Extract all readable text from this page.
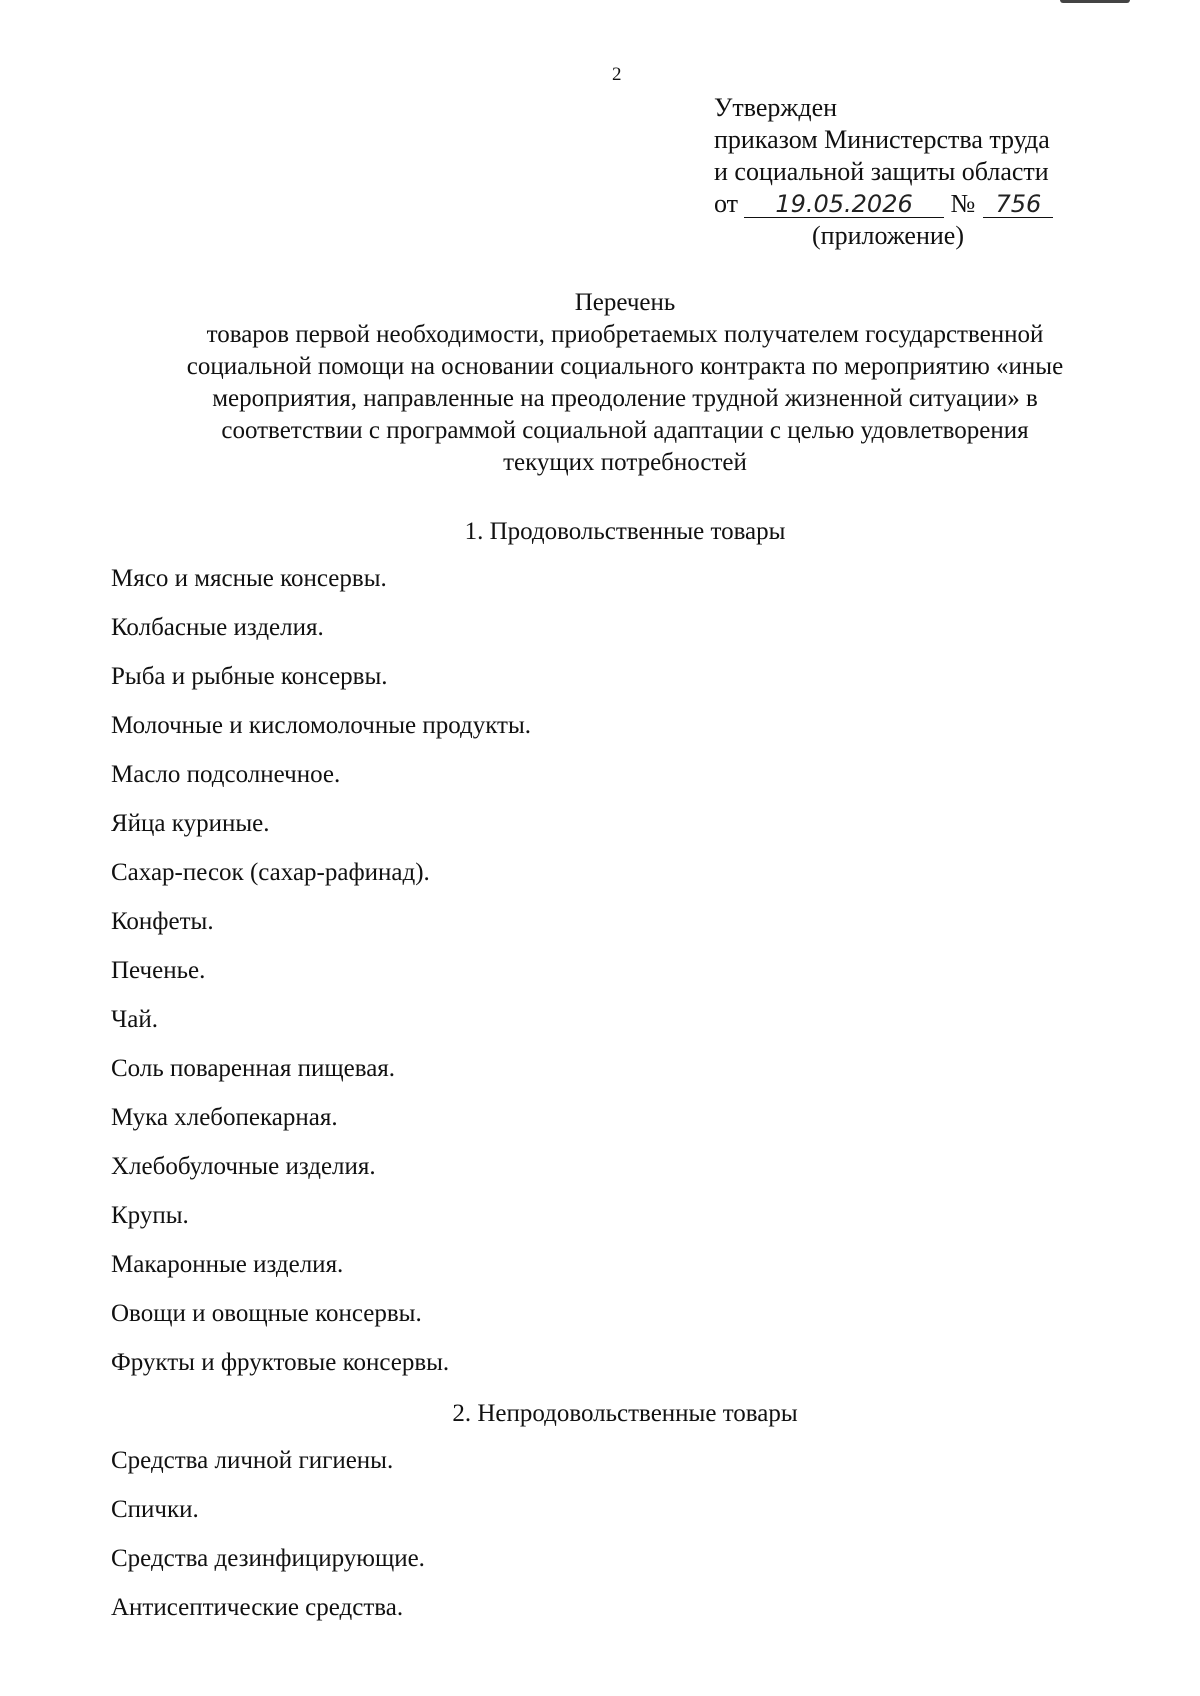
2
Утвержден
приказом Министерства труда
и социальной защиты области
от 19.05.2026 № 756
(приложение)
Перечень
товаров первой необходимости, приобретаемых получателем государственной
социальной помощи на основании социального контракта по мероприятию «иные
мероприятия, направленные на преодоление трудной жизненной ситуации» в
соответствии с программой социальной адаптации с целью удовлетворения
текущих потребностей
1. Продовольственные товары
Мясо и мясные консервы.
Колбасные изделия.
Рыба и рыбные консервы.
Молочные и кисломолочные продукты.
Масло подсолнечное.
Яйца куриные.
Сахар-песок (сахар-рафинад).
Конфеты.
Печенье.
Чай.
Соль поваренная пищевая.
Мука хлебопекарная.
Хлебобулочные изделия.
Крупы.
Макаронные изделия.
Овощи и овощные консервы.
Фрукты и фруктовые консервы.
2. Непродовольственные товары
Средства личной гигиены.
Спички.
Средства дезинфицирующие.
Антисептические средства.
